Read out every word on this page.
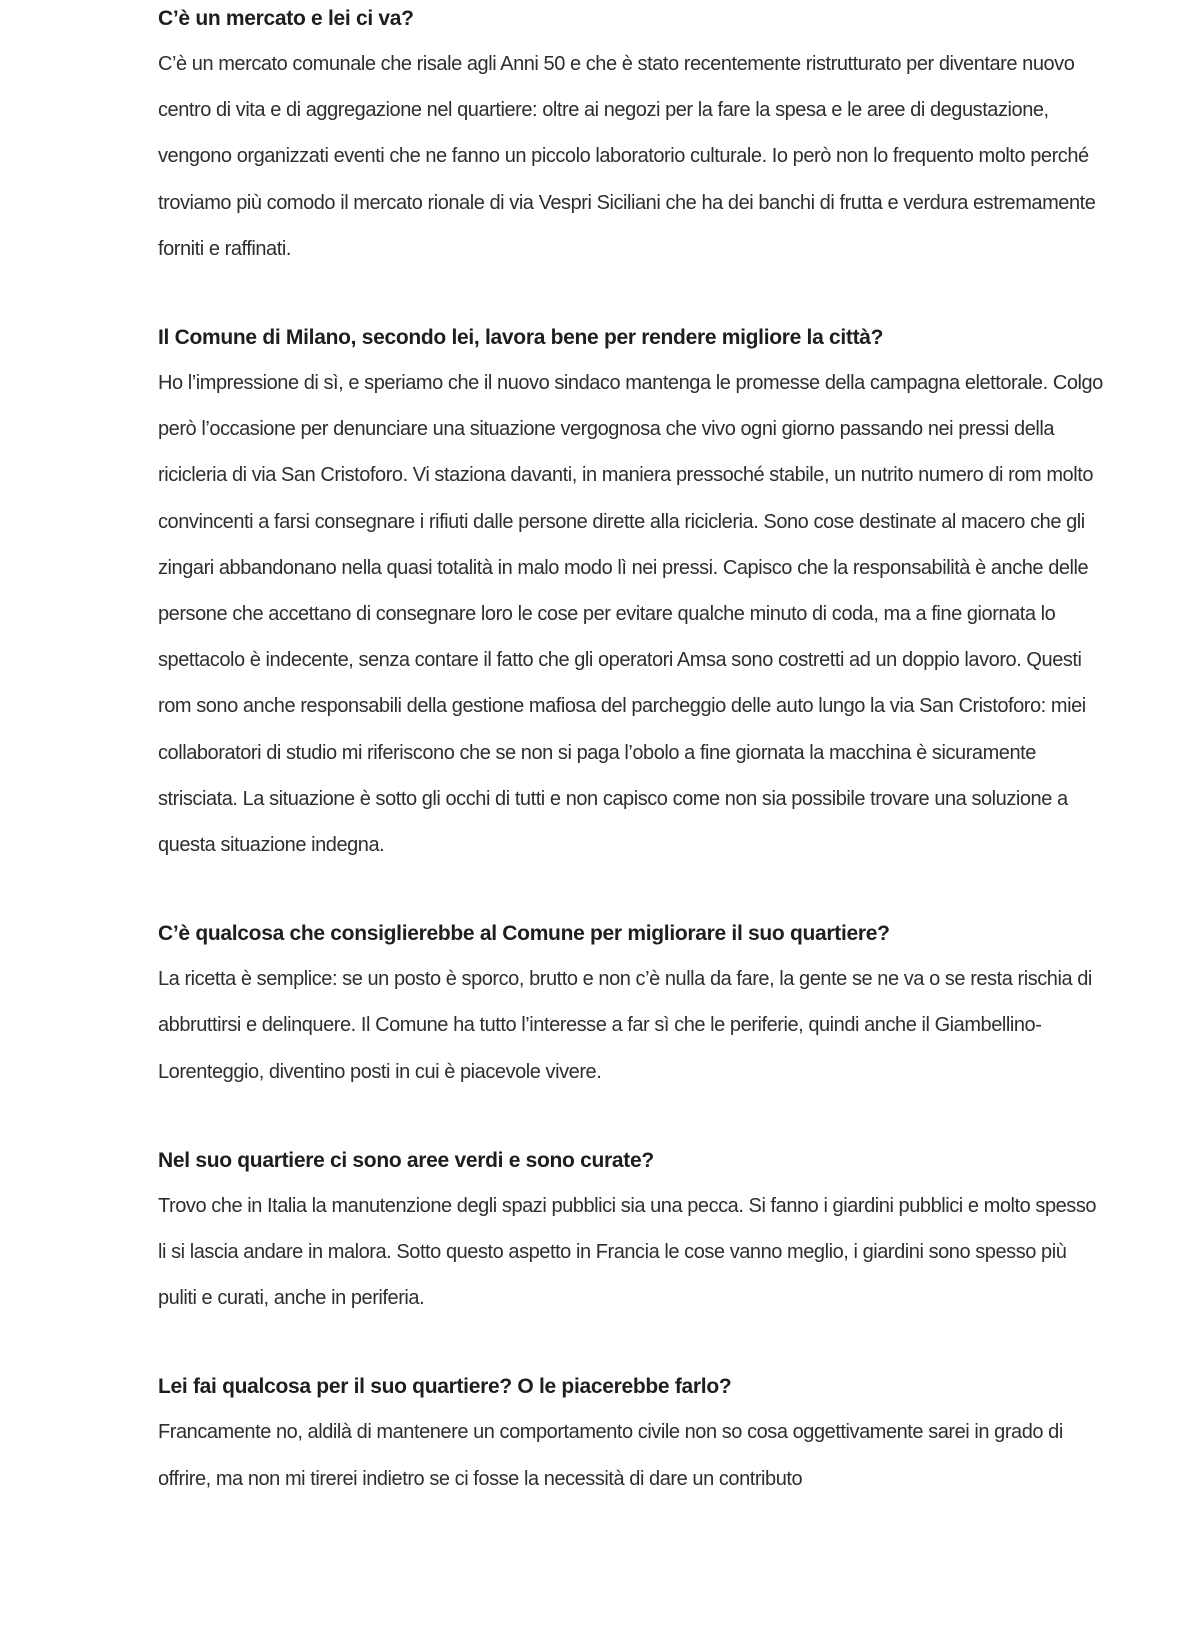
C’è un mercato e lei ci va?

C’è un mercato comunale che risale agli Anni 50 e che è stato recentemente ristrutturato per diventare nuovo centro di vita e di aggregazione nel quartiere: oltre ai negozi per la fare la spesa e le aree di degustazione, vengono organizzati eventi che ne fanno un piccolo laboratorio culturale. Io però non lo frequento molto perché troviamo più comodo il mercato rionale di via Vespri Siciliani che ha dei banchi di frutta e verdura estremamente forniti e raffinati.

Il Comune di Milano, secondo lei, lavora bene per rendere migliore la città?

Ho l’impressione di sì, e speriamo che il nuovo sindaco mantenga le promesse della campagna elettorale. Colgo però l’occasione per denunciare una situazione vergognosa che vivo ogni giorno passando nei pressi della ricicleria di via San Cristoforo. Vi staziona davanti, in maniera pressoché stabile, un nutrito numero di rom molto convincenti a farsi consegnare i rifiuti dalle persone dirette alla ricicleria. Sono cose destinate al macero che gli zingari abbandonano nella quasi totalità in malo modo lì nei pressi. Capisco che la responsabilità è anche delle persone che accettano di consegnare loro le cose per evitare qualche minuto di coda, ma a fine giornata lo spettacolo è indecente, senza contare il fatto che gli operatori Amsa sono costretti ad un doppio lavoro. Questi rom sono anche responsabili della gestione mafiosa del parcheggio delle auto lungo la via San Cristoforo: miei collaboratori di studio mi riferiscono che se non si paga l’obolo a fine giornata la macchina è sicuramente strisciata. La situazione è sotto gli occhi di tutti e non capisco come non sia possibile trovare una soluzione a questa situazione indegna.

C’è qualcosa che consiglierebbe al Comune per migliorare il suo quartiere?

La ricetta è semplice: se un posto è sporco, brutto e non c’è nulla da fare, la gente se ne va o se resta rischia di abbruttirsi e delinquere. Il Comune ha tutto l’interesse a far sì che le periferie, quindi anche il Giambellino-Lorenteggio, diventino posti in cui è piacevole vivere.

Nel suo quartiere ci sono aree verdi e sono curate?

Trovo che in Italia la manutenzione degli spazi pubblici sia una pecca. Si fanno i giardini pubblici e molto spesso li si lascia andare in malora. Sotto questo aspetto in Francia le cose vanno meglio, i giardini sono spesso più puliti e curati, anche in periferia.

Lei fai qualcosa per il suo quartiere? O le piacerebbe farlo?

Francamente no, aldilà di mantenere un comportamento civile non so cosa oggettivamente sarei in grado di offrire, ma non mi tirerei indietro se ci fosse la necessità di dare un contributo
